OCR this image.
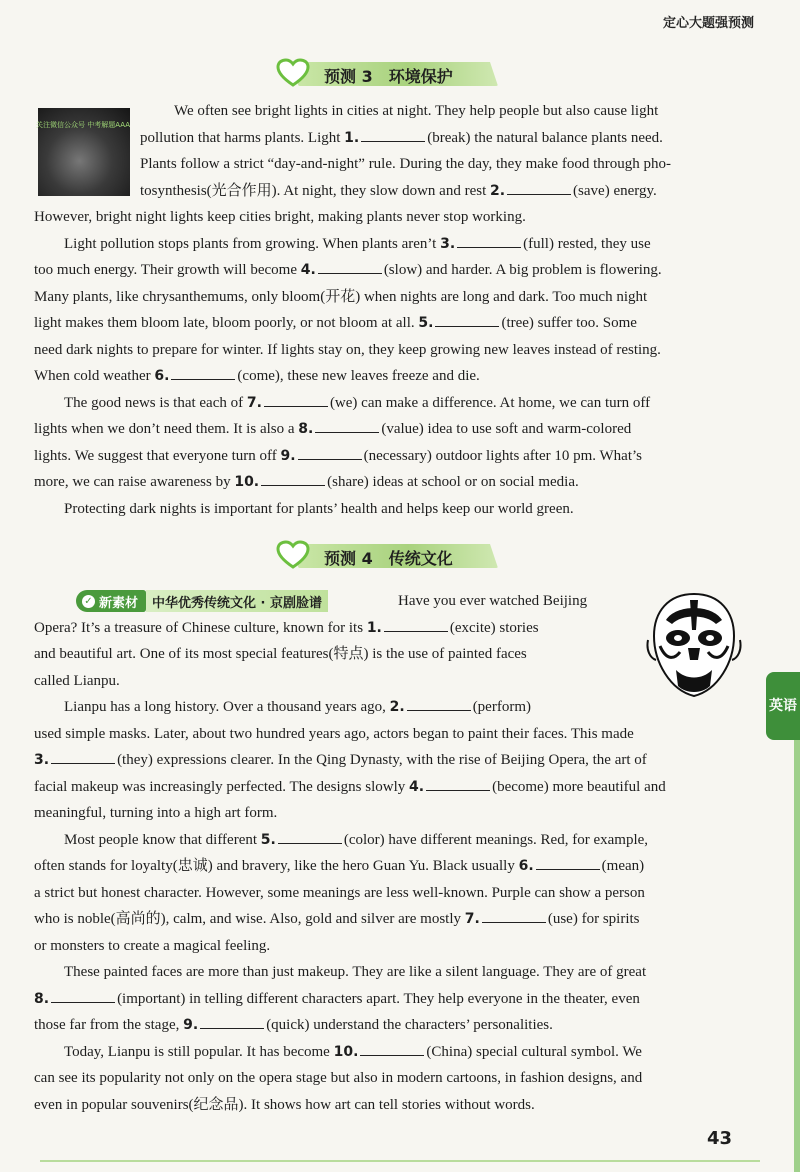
定心大题强预测
预测 3　环境保护
关注微信公众号 中考解题AAA
We often see bright lights in cities at night. They help people but also cause light
pollution that harms plants. Light 1.	(break) the natural balance plants need.
Plants follow a strict “day-and-night” rule. During the day, they make food through pho-
tosynthesis(光合作用). At night, they slow down and rest 2.	(save) energy.
However, bright night lights keep cities bright, making plants never stop working.
Light pollution stops plants from growing. When plants aren’t 3.	(full) rested, they use
too much energy. Their growth will become 4.	(slow) and harder. A big problem is flowering.
Many plants, like chrysanthemums, only bloom(开花) when nights are long and dark. Too much night
light makes them bloom late, bloom poorly, or not bloom at all. 5.	(tree) suffer too. Some
need dark nights to prepare for winter. If lights stay on, they keep growing new leaves instead of resting.
When cold weather 6.	(come), these new leaves freeze and die.
The good news is that each of 7.	(we) can make a difference. At home, we can turn off
lights when we don’t need them. It is also a 8.	(value) idea to use soft and warm-colored
lights. We suggest that everyone turn off 9.	(necessary) outdoor lights after 10 pm. What’s
more, we can raise awareness by 10.	(share) ideas at school or on social media.
Protecting dark nights is important for plants’ health and helps keep our world green.
预测 4　传统文化
✓ 新素材	中华优秀传统文化 · 京剧脸谱	Have you ever watched Beijing
Opera? It’s a treasure of Chinese culture, known for its 1.	(excite) stories
and beautiful art. One of its most special features(特点) is the use of painted faces
called Lianpu.
Lianpu has a long history. Over a thousand years ago, 2.	(perform)
used simple masks. Later, about two hundred years ago, actors began to paint their faces. This made
3.	(they) expressions clearer. In the Qing Dynasty, with the rise of Beijing Opera, the art of
facial makeup was increasingly perfected. The designs slowly 4.	(become) more beautiful and
meaningful, turning into a high art form.
Most people know that different 5.	(color) have different meanings. Red, for example,
often stands for loyalty(忠诚) and bravery, like the hero Guan Yu. Black usually 6.	(mean)
a strict but honest character. However, some meanings are less well-known. Purple can show a person
who is noble(高尚的), calm, and wise. Also, gold and silver are mostly 7.	(use) for spirits
or monsters to create a magical feeling.
These painted faces are more than just makeup. They are like a silent language. They are of great
8.	(important) in telling different characters apart. They help everyone in the theater, even
those far from the stage, 9.	(quick) understand the characters’ personalities.
Today, Lianpu is still popular. It has become 10.	(China) special cultural symbol. We
can see its popularity not only on the opera stage but also in modern cartoons, in fashion designs, and
even in popular souvenirs(纪念品). It shows how art can tell stories without words.
英语
43
